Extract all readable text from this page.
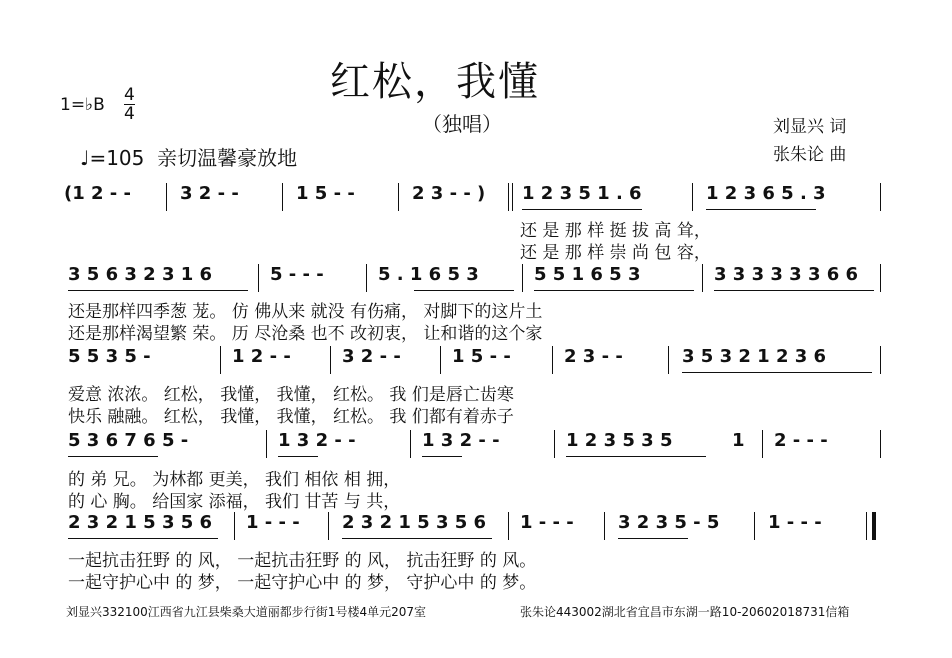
红松，我懂
（独唱）
1=♭B 4
4
♩=105 亲切温馨豪放地
刘显兴 词
张朱论 曲
(1 2 - -	3 2 - -	1 5 - -	2 3 - - ) 1 2 3 5 1 . 6	1 2 3 6 5 . 3
还 是 那 样 挺 拔 高 耸，
还 是 那 样 崇 尚 包 容，
3 5 6 3 2 3 1 6	5 - - -	5 . 1 6 5 3	5 5 1 6 5 3	3 3 3 3 3 3 6 6
还是那样四季葱 茏。 仿 佛从来 就没 有伤痛， 对脚下的这片土
还是那样渴望繁 荣。 历 尽沧桑 也不 改初衷， 让和谐的这个家
5 5 3 5 -	1 2 - -	3 2 - -	1 5 - -	2 3 - -	3 5 3 2 1 2 3 6
爱意 浓浓。 红松， 我懂， 我懂， 红松。 我 们是唇亡齿寒
快乐 融融。 红松， 我懂， 我懂， 红松。 我 们都有着赤子
5 3 6 7 6 5 -	1 3 2 - -	1 3 2 - -	1 2 3 5 3 5	1 2 - - -
的 弟 兄。 为林都 更美， 我们 相依 相 拥，
的 心 胸。 给国家 添福， 我们 甘苦 与 共，
2 3 2 1 5 3 5 6 1 - - - 2 3 2 1 5 3 5 6 1 - - - 3 2 3 5 - 5	1 - - -
一起抗击狂野 的 风， 一起抗击狂野 的 风， 抗击狂野 的 风。
一起守护心中 的 梦， 一起守护心中 的 梦， 守护心中 的 梦。
刘显兴332100江西省九江县柴桑大道丽都步行街1号楼4单元207室	张朱论443002湖北省宜昌市东湖一路10-20602018731信箱
